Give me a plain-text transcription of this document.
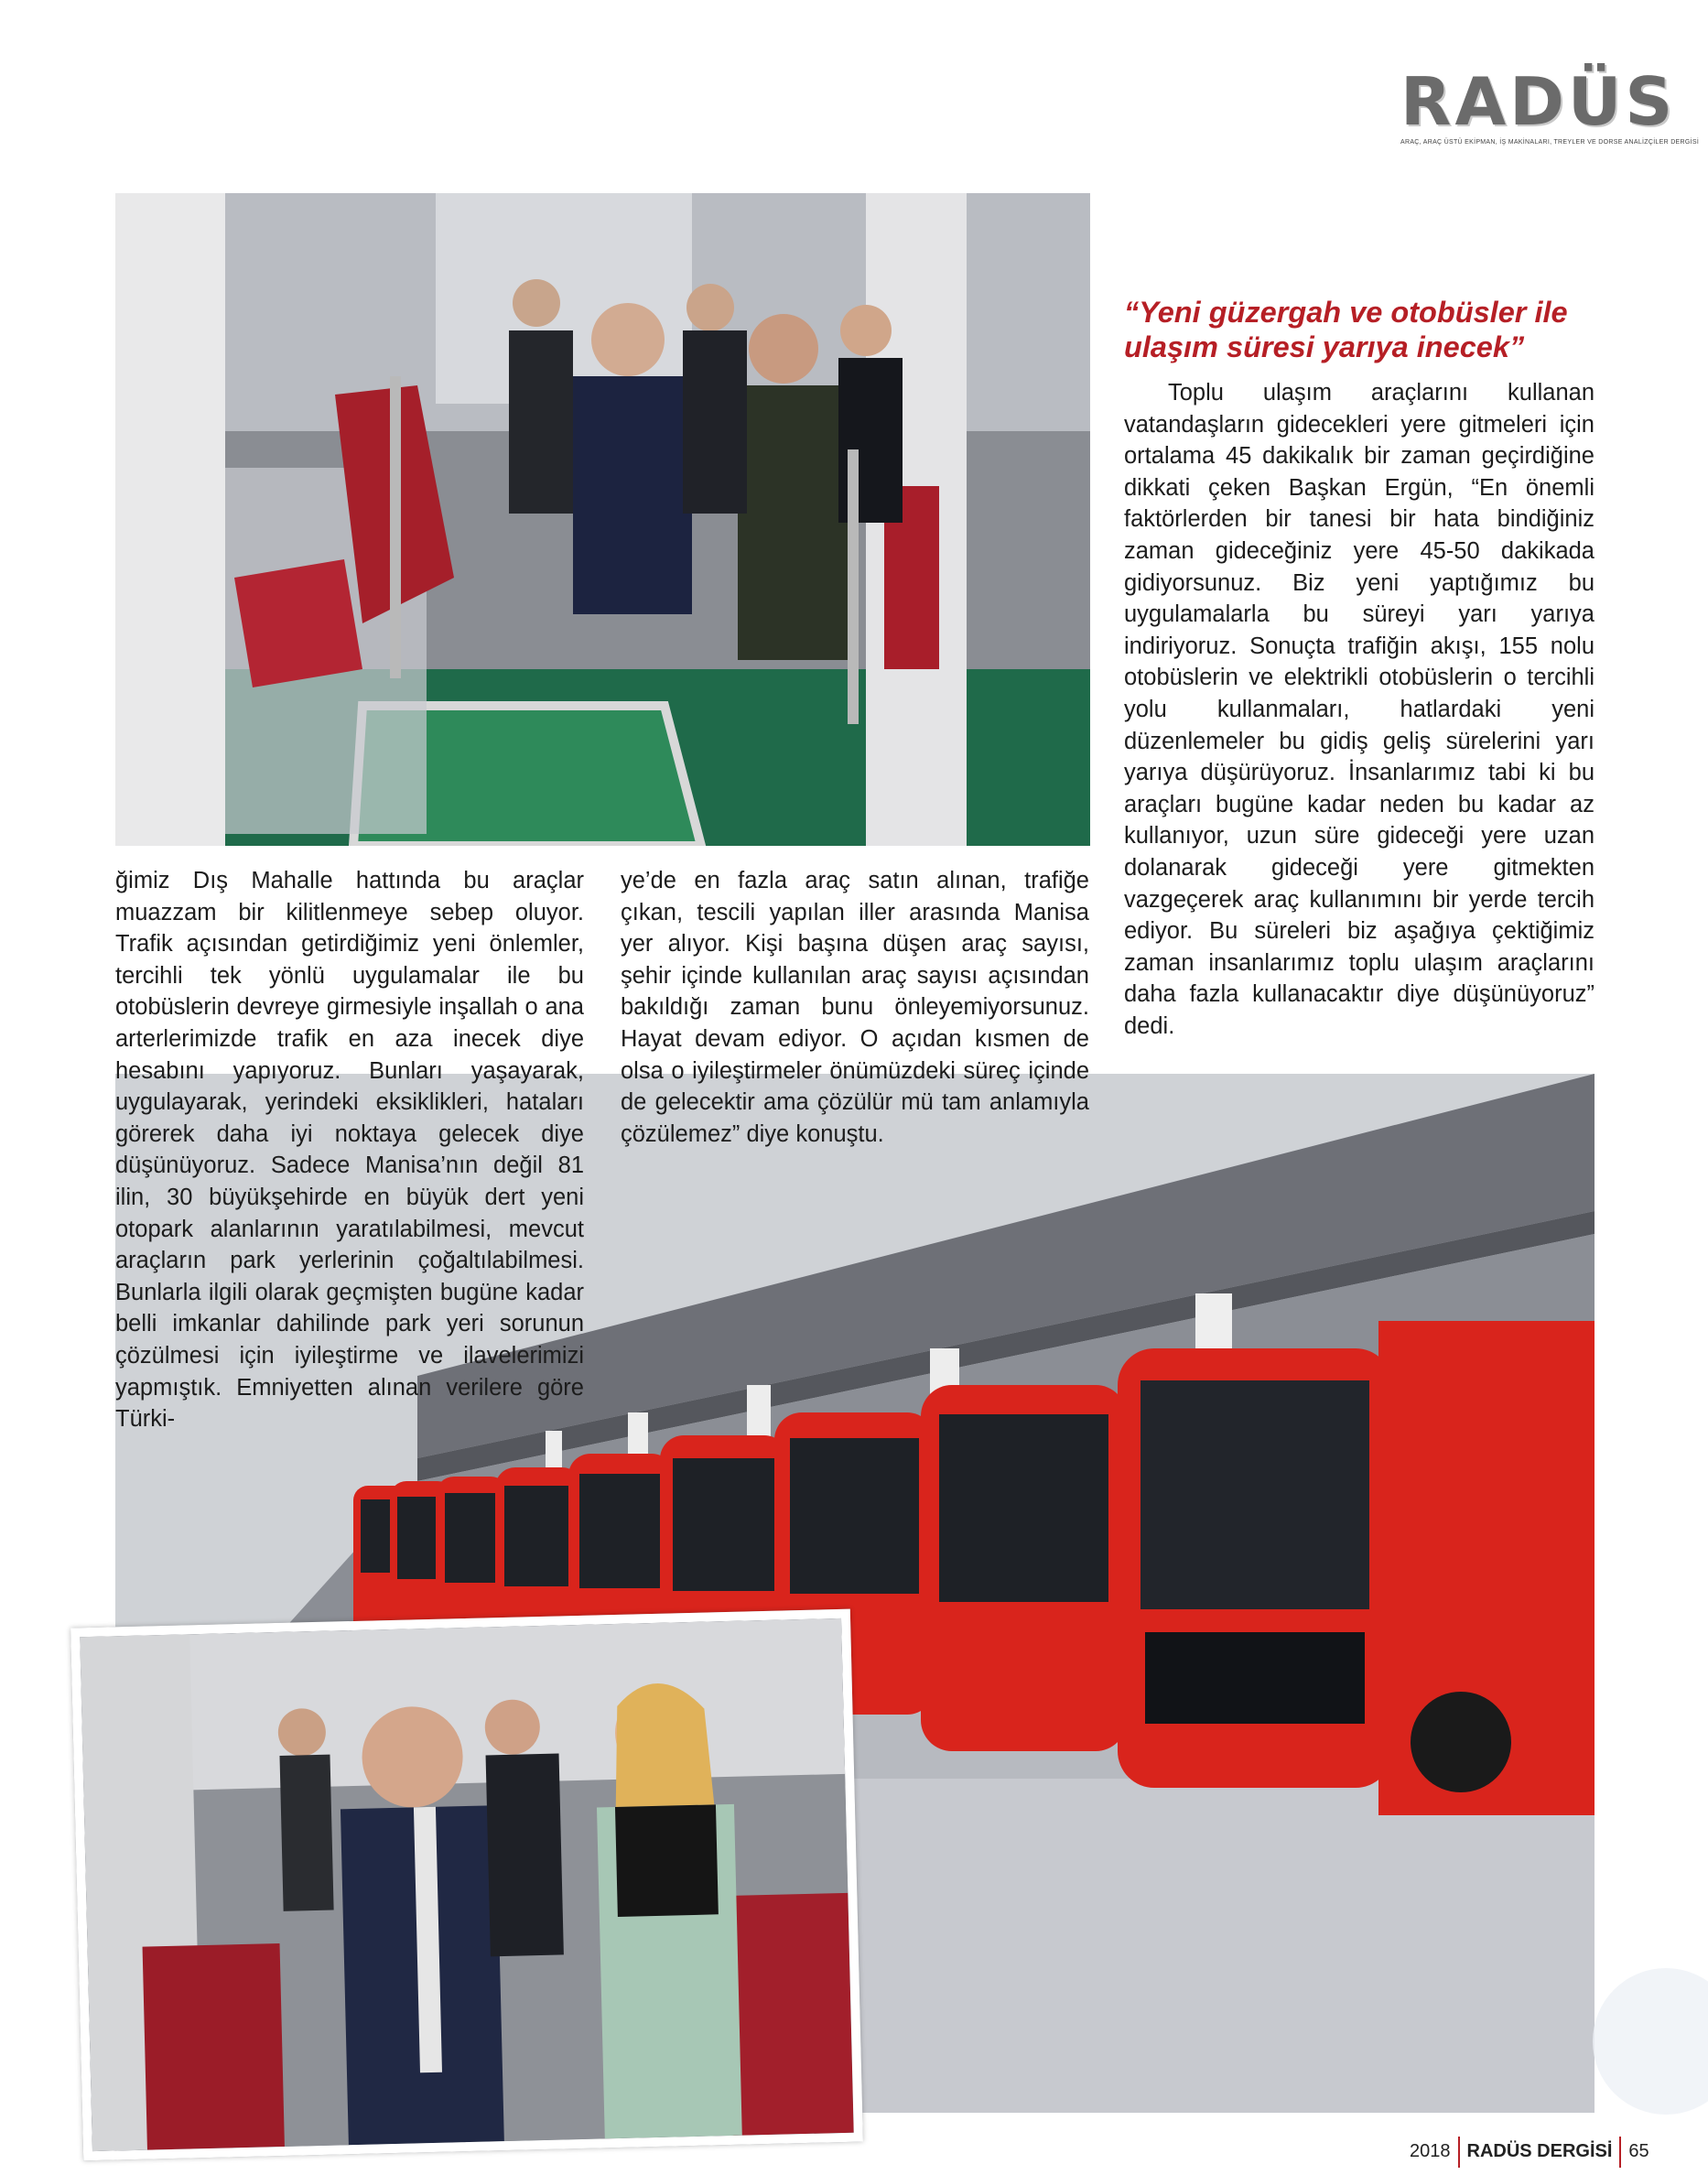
RADÜS
ARAÇ, ARAÇ ÜSTÜ EKİPMAN, İŞ MAKİNALARI, TREYLER VE DORSE ANALİZÇİLER DERGİSİ
“Yeni güzergah ve otobüsler ile ulaşım süresi yarıya inecek”

Toplu ulaşım araçlarını kullanan vatandaşların gidecekleri yere gitmeleri için ortalama 45 dakikalık bir zaman geçirdiğine dikkati çeken Başkan Ergün, “En önemli faktörlerden bir tanesi bir hata bindiğiniz zaman gideceğiniz yere 45-50 dakikada gidiyorsunuz. Biz yeni yaptığımız bu uygulamalarla bu süreyi yarı yarıya indiriyoruz. Sonuçta trafiğin akışı, 155 nolu otobüslerin ve elektrikli otobüslerin o tercihli yolu kullanmaları, hatlardaki yeni düzenlemeler bu gidiş geliş sürelerini yarı yarıya düşürüyoruz. İnsanlarımız tabi ki bu araçları bugüne kadar neden bu kadar az kullanıyor, uzun süre gideceği yere uzan dolanarak gideceği yere gitmekten vazgeçerek araç kullanımını bir yerde tercih ediyor. Bu süreleri biz aşağıya çektiğimiz zaman insanlarımız toplu ulaşım araçlarını daha fazla kullanacaktır diye düşünüyoruz” dedi.

ğimiz Dış Mahalle hattında bu araçlar muazzam bir kilitlenmeye sebep oluyor. Trafik açısından getirdiğimiz yeni önlemler, tercihli tek yönlü uygulamalar ile bu otobüslerin devreye girmesiyle inşallah o ana arterlerimizde trafik en aza inecek diye hesabını yapıyoruz. Bunları yaşayarak, uygulayarak, yerindeki eksiklikleri, hataları görerek daha iyi noktaya gelecek diye düşünüyoruz. Sadece Manisa’nın değil 81 ilin, 30 büyükşehirde en büyük dert yeni otopark alanlarının yaratılabilmesi, mevcut araçların park yerlerinin çoğaltılabilmesi. Bunlarla ilgili olarak geçmişten bugüne kadar belli imkanlar dahilinde park yeri sorunun çözülmesi için iyileştirme ve ilavelerimizi yapmıştık. Emniyetten alınan verilere göre Türki-

ye’de en fazla araç satın alınan, trafiğe çıkan, tescili yapılan iller arasında Manisa yer alıyor. Kişi başına düşen araç sayısı, şehir içinde kullanılan araç sayısı açısından bakıldığı zaman bunu önleyemiyorsunuz. Hayat devam ediyor. O açıdan kısmen de olsa o iyileştirmeler önümüzdeki süreç içinde de gelecektir ama çözülür mü tam anlamıyla çözülemez” diye konuştu.

2018 RADÜS DERGİSİ 65
